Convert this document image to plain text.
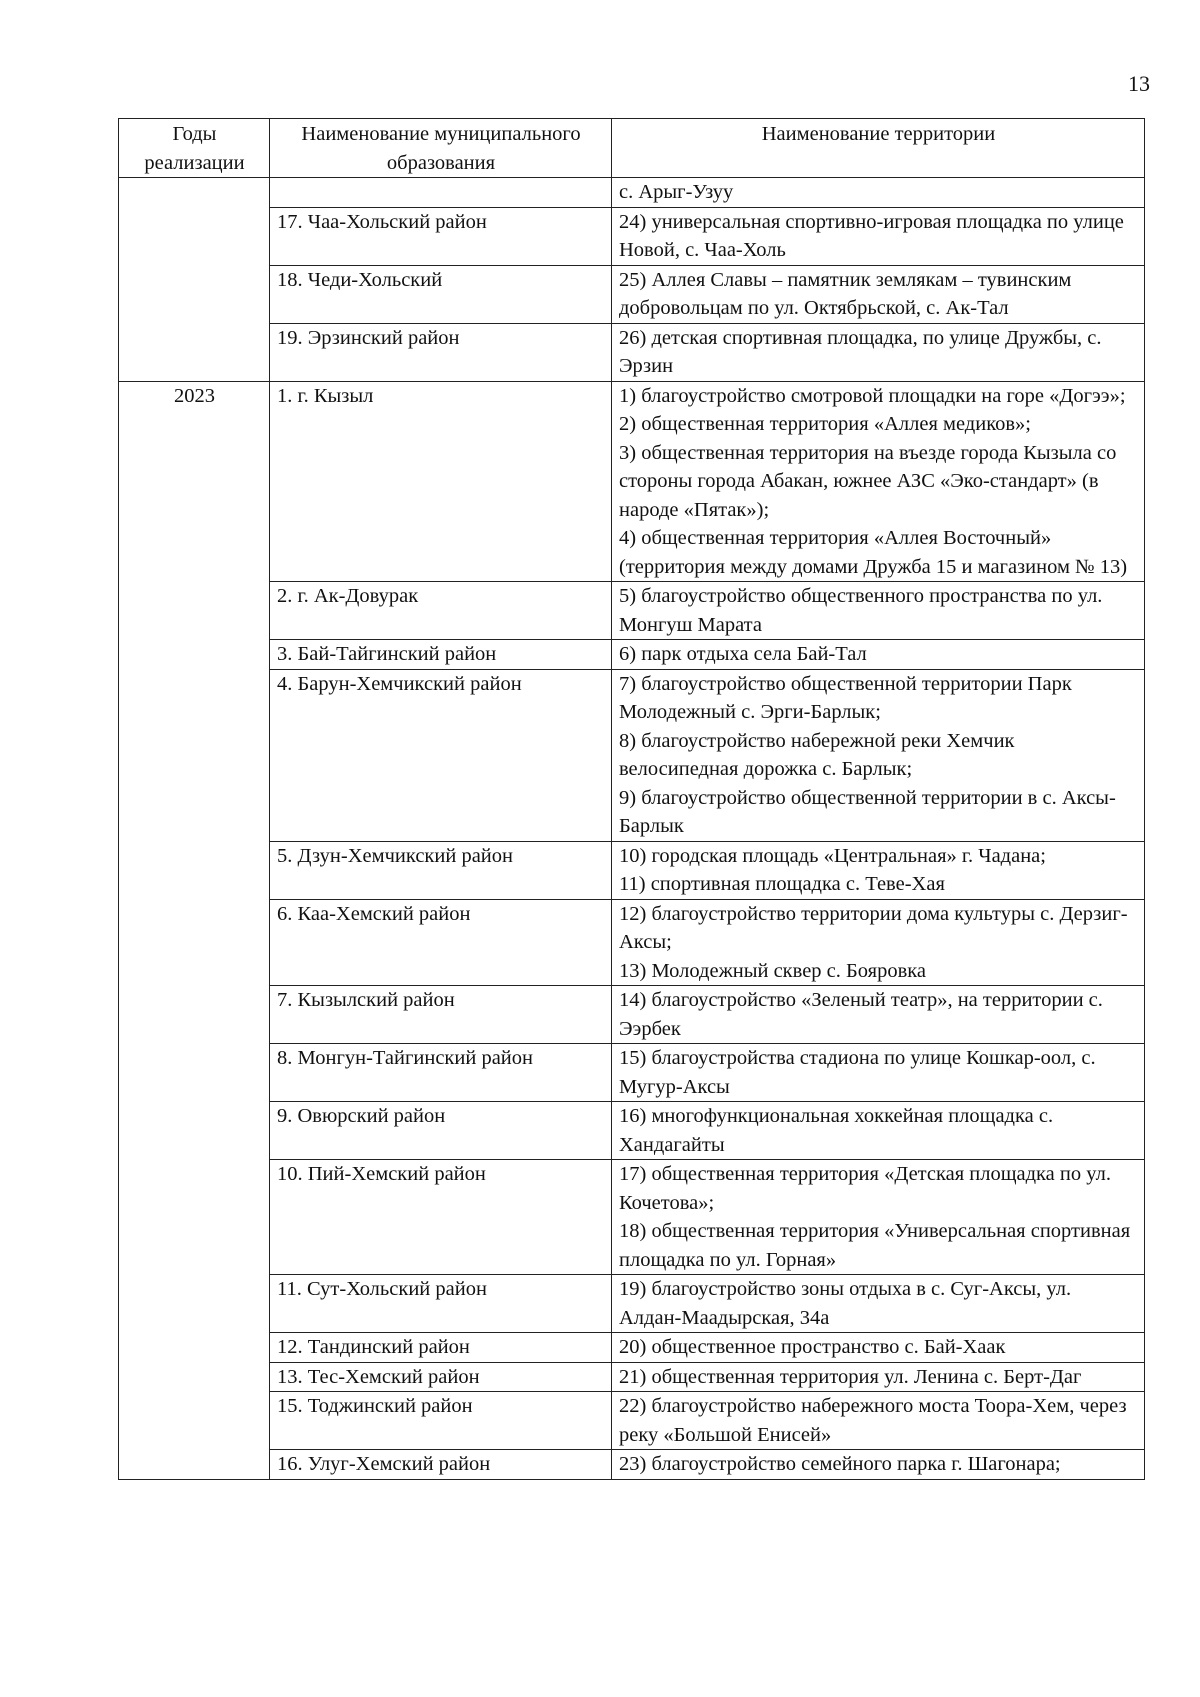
13
Годы реализации	Наименование муниципального образования	Наименование территории

		с. Арыг-Узуу

	17. Чаа-Хольский район	24) универсальная спортивно-игровая площадка по улице Новой, с. Чаа-Холь

	18. Чеди-Хольский	25) Аллея Славы – памятник землякам – тувинским добровольцам по ул. Октябрьской, с. Ак-Тал

	19. Эрзинский район	26) детская спортивная площадка, по улице Дружбы, с. Эрзин

2023	1. г. Кызыл	1) благоустройство смотровой площадки на горе «Догээ»;
2) общественная территория «Аллея медиков»;
3) общественная территория на въезде города Кызыла со стороны города Абакан, южнее АЗС «Эко-стандарт» (в народе «Пятак»);
4) общественная территория «Аллея Восточный» (территория между домами Дружба 15 и магазином № 13)

	2. г. Ак-Довурак	5) благоустройство общественного пространства по ул. Монгуш Марата

	3. Бай-Тайгинский район	6) парк отдыха села Бай-Тал

	4. Барун-Хемчикский район	7) благоустройство общественной территории Парк Молодежный с. Эрги-Барлык;
8) благоустройство набережной реки Хемчик велосипедная дорожка с. Барлык;
9) благоустройство общественной территории в с. Аксы-Барлык

	5. Дзун-Хемчикский район	10) городская площадь «Центральная» г. Чадана;
11) спортивная площадка с. Теве-Хая

	6. Каа-Хемский район	12) благоустройство территории дома культуры с. Дерзиг-Аксы;
13) Молодежный сквер с. Бояровка

	7. Кызылский район	14) благоустройство «Зеленый театр», на территории с. Ээрбек

	8. Монгун-Тайгинский район	15) благоустройства стадиона по улице Кошкар-оол, с. Мугур-Аксы

	9. Овюрский район	16) многофункциональная хоккейная площадка с. Хандагайты

	10. Пий-Хемский район	17) общественная территория «Детская площадка по ул. Кочетова»;
18) общественная территория «Универсальная спортивная площадка по ул. Горная»

	11. Сут-Хольский район	19) благоустройство зоны отдыха в с. Суг-Аксы, ул. Алдан-Маадырская, 34а

	12. Тандинский район	20) общественное пространство с. Бай-Хаак

	13. Тес-Хемский район	21) общественная территория ул. Ленина с. Берт-Даг

	15. Тоджинский район	22) благоустройство набережного моста Тоора-Хем, через реку «Большой Енисей»

	16. Улуг-Хемский район	23) благоустройство семейного парка г. Шагонара;
